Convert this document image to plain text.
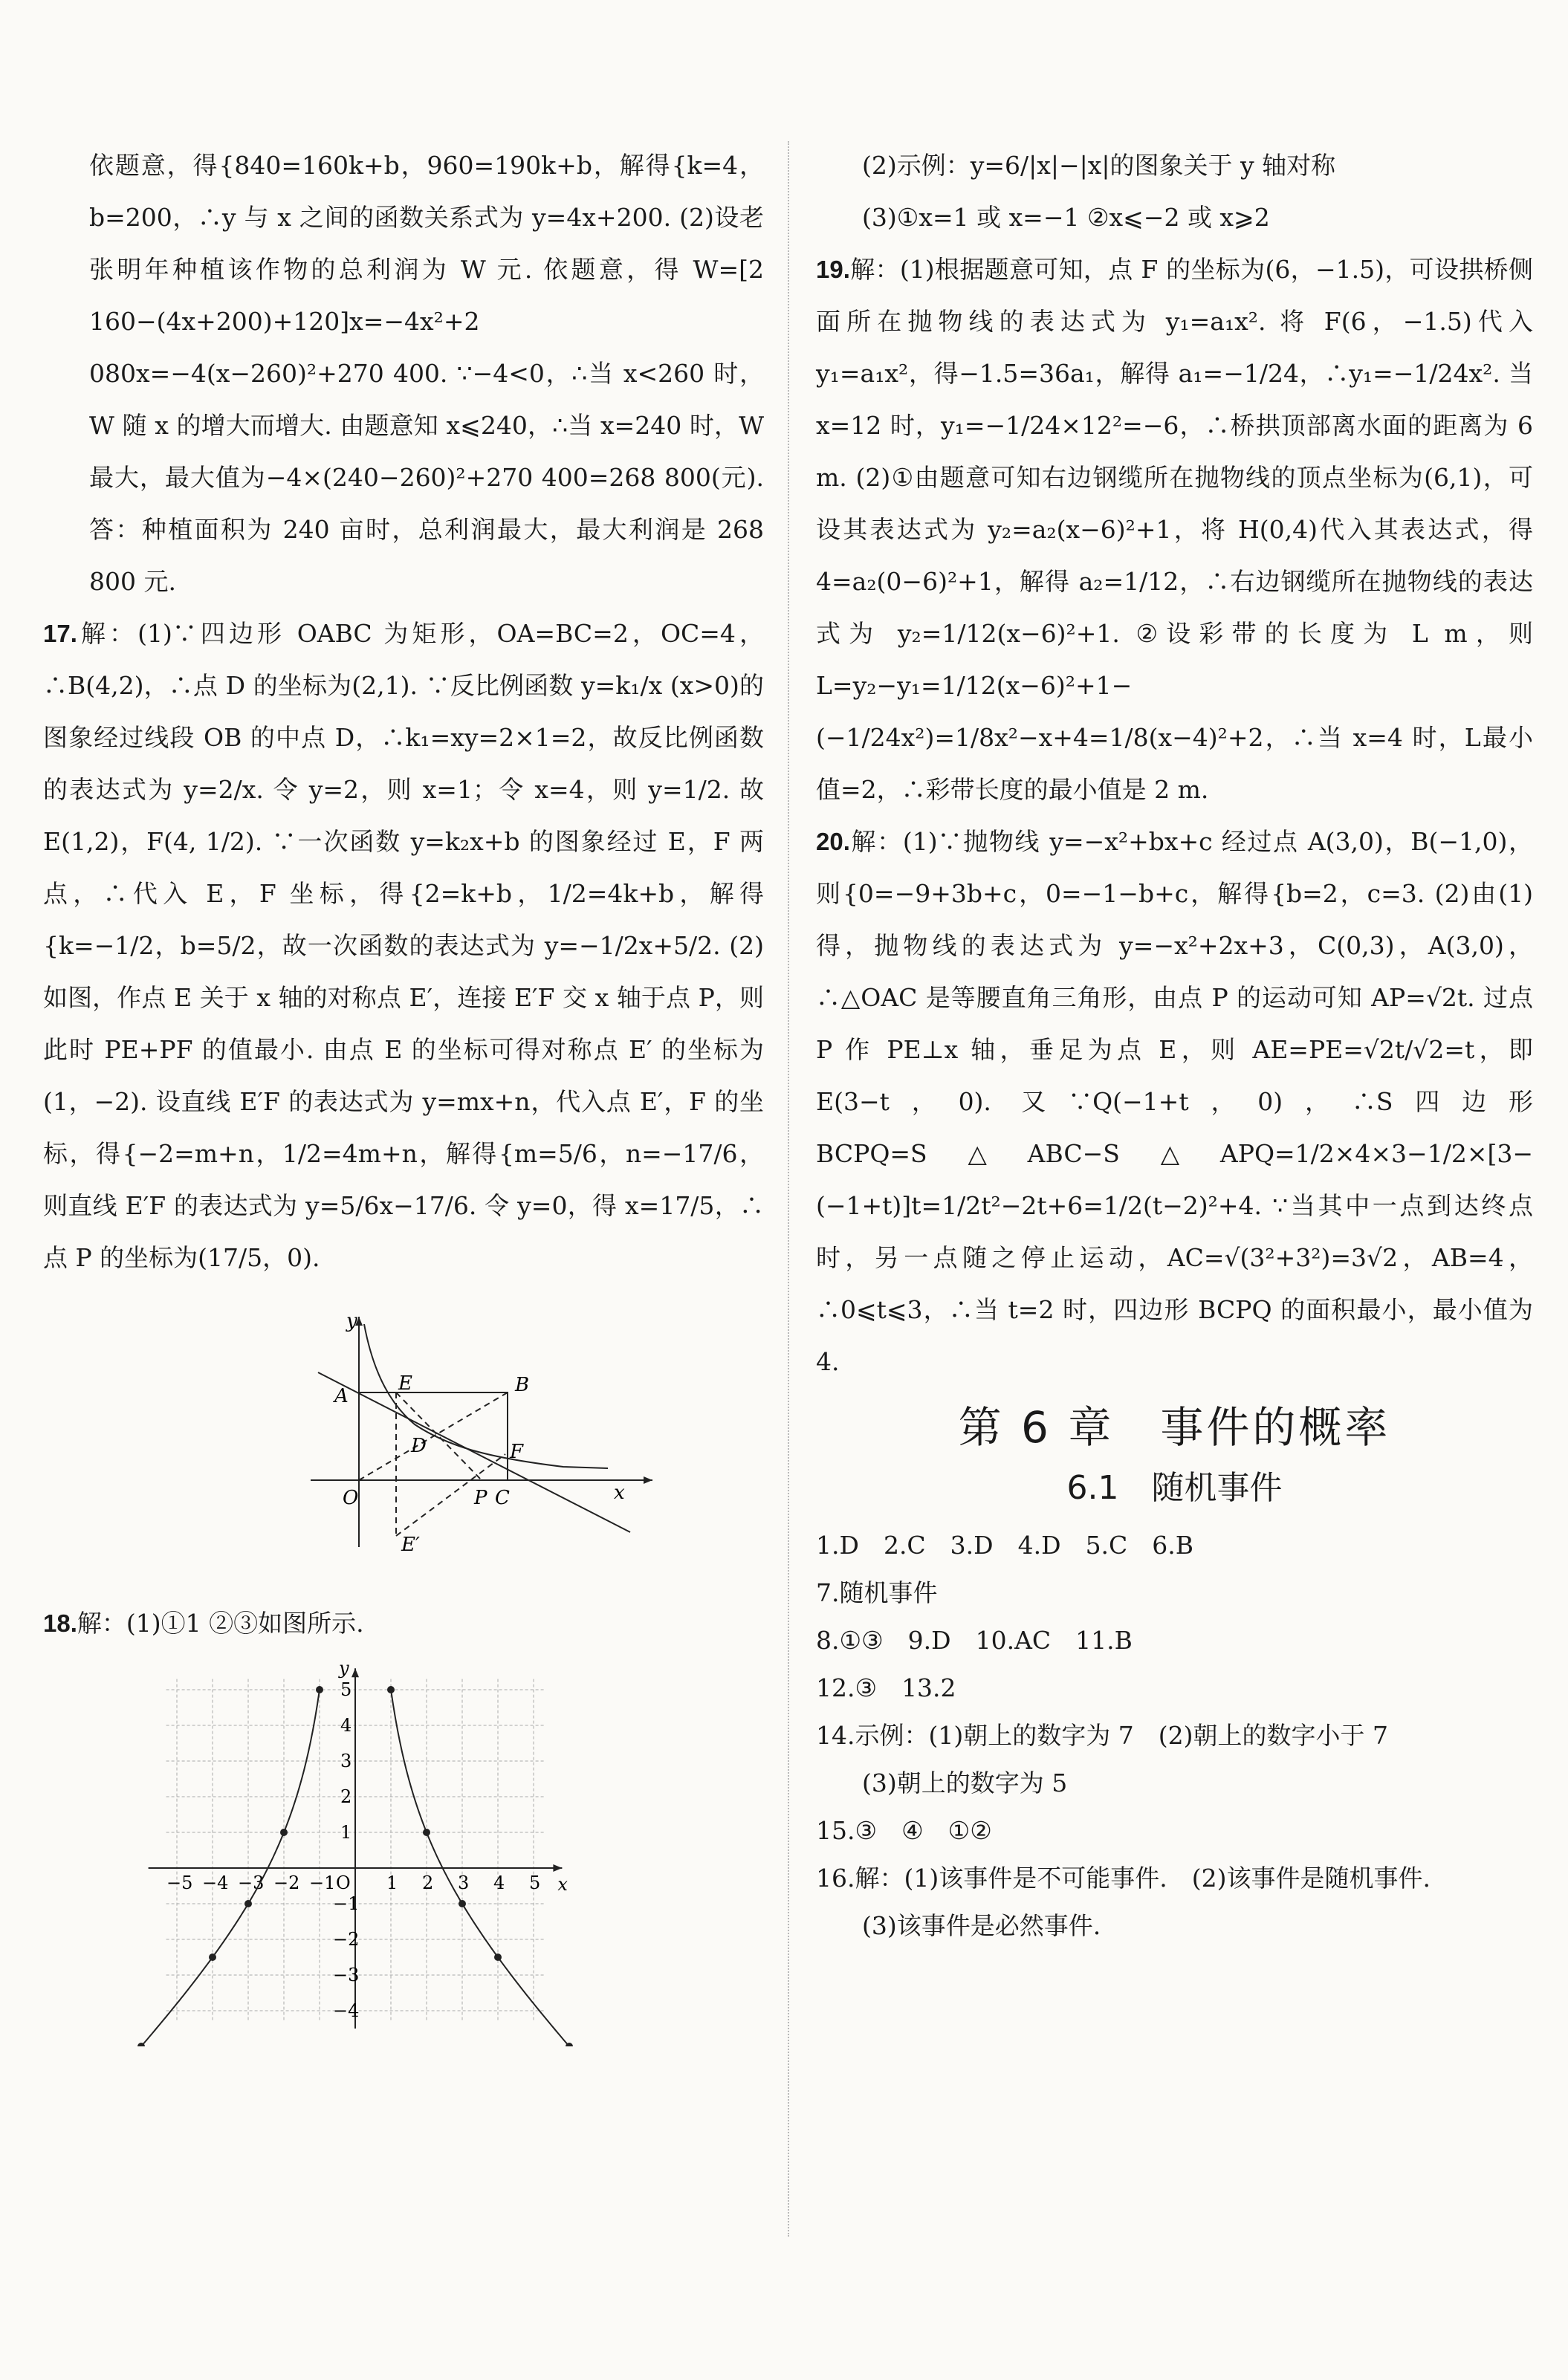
依题意，得{840=160k+b，960=190k+b，解得{k=4，b=200，∴y 与 x 之间的函数关系式为 y=4x+200. (2)设老张明年种植该作物的总利润为 W 元. 依题意，得 W=[2 160−(4x+200)+120]x=−4x²+2 080x=−4(x−260)²+270 400. ∵−4<0，∴当 x<260 时，W 随 x 的增大而增大. 由题意知 x⩽240，∴当 x=240 时，W 最大，最大值为−4×(240−260)²+270 400=268 800(元). 答：种植面积为 240 亩时，总利润最大，最大利润是 268 800 元.

17.解：(1)∵四边形 OABC 为矩形，OA=BC=2，OC=4，∴B(4,2)，∴点 D 的坐标为(2,1). ∵反比例函数 y=k₁/x (x>0)的图象经过线段 OB 的中点 D，∴k₁=xy=2×1=2，故反比例函数的表达式为 y=2/x. 令 y=2，则 x=1；令 x=4，则 y=1/2. 故 E(1,2)，F(4, 1/2). ∵一次函数 y=k₂x+b 的图象经过 E，F 两点，∴代入 E，F 坐标，得{2=k+b，1/2=4k+b，解得{k=−1/2，b=5/2，故一次函数的表达式为 y=−1/2x+5/2. (2)如图，作点 E 关于 x 轴的对称点 E′，连接 E′F 交 x 轴于点 P，则此时 PE+PF 的值最小. 由点 E 的坐标可得对称点 E′ 的坐标为(1，−2). 设直线 E′F 的表达式为 y=mx+n，代入点 E′，F 的坐标，得{−2=m+n，1/2=4m+n，解得{m=5/6，n=−17/6，则直线 E′F 的表达式为 y=5/6x−17/6. 令 y=0，得 x=17/5，∴点 P 的坐标为(17/5，0).

y
A	B
E
D	F
O	P C	x
E′

18.解：(1)①1 ②③如图所示.

y
x
O
−5 −4 −3 −2 −1	1 2 3 4 5
5
4
3
2
1
−1
−2
−3
−4

(2)示例：y=6/|x|−|x|的图象关于 y 轴对称

(3)①x=1 或 x=−1 ②x⩽−2 或 x⩾2

19.解：(1)根据题意可知，点 F 的坐标为(6，−1.5)，可设拱桥侧面所在抛物线的表达式为 y₁=a₁x². 将 F(6，−1.5)代入 y₁=a₁x²，得−1.5=36a₁，解得 a₁=−1/24，∴y₁=−1/24x². 当 x=12 时，y₁=−1/24×12²=−6，∴桥拱顶部离水面的距离为 6 m. (2)①由题意可知右边钢缆所在抛物线的顶点坐标为(6,1)，可设其表达式为 y₂=a₂(x−6)²+1，将 H(0,4)代入其表达式，得 4=a₂(0−6)²+1，解得 a₂=1/12，∴右边钢缆所在抛物线的表达式为 y₂=1/12(x−6)²+1. ②设彩带的长度为 L m，则 L=y₂−y₁=1/12(x−6)²+1−(−1/24x²)=1/8x²−x+4=1/8(x−4)²+2，∴当 x=4 时，L最小值=2，∴彩带长度的最小值是 2 m.

20.解：(1)∵抛物线 y=−x²+bx+c 经过点 A(3,0)，B(−1,0)，则{0=−9+3b+c，0=−1−b+c，解得{b=2，c=3. (2)由(1)得，抛物线的表达式为 y=−x²+2x+3，C(0,3)，A(3,0)，∴△OAC 是等腰直角三角形，由点 P 的运动可知 AP=√2t. 过点 P 作 PE⊥x 轴，垂足为点 E，则 AE=PE=√2t/√2=t，即 E(3−t，0). 又∵Q(−1+t，0)，∴S四边形BCPQ=S△ABC−S△APQ=1/2×4×3−1/2×[3−(−1+t)]t=1/2t²−2t+6=1/2(t−2)²+4. ∵当其中一点到达终点时，另一点随之停止运动，AC=√(3²+3²)=3√2，AB=4，∴0⩽t⩽3，∴当 t=2 时，四边形 BCPQ 的面积最小，最小值为 4.

第 6 章　事件的概率
6.1　随机事件
1.D　2.C　3.D　4.D　5.C　6.B
7.随机事件
8.①③　9.D　10.AC　11.B
12.③　13.2
14.示例：(1)朝上的数字为 7　(2)朝上的数字小于 7
(3)朝上的数字为 5
15.③　④　①②
16.解：(1)该事件是不可能事件.　(2)该事件是随机事件.
(3)该事件是必然事件.
